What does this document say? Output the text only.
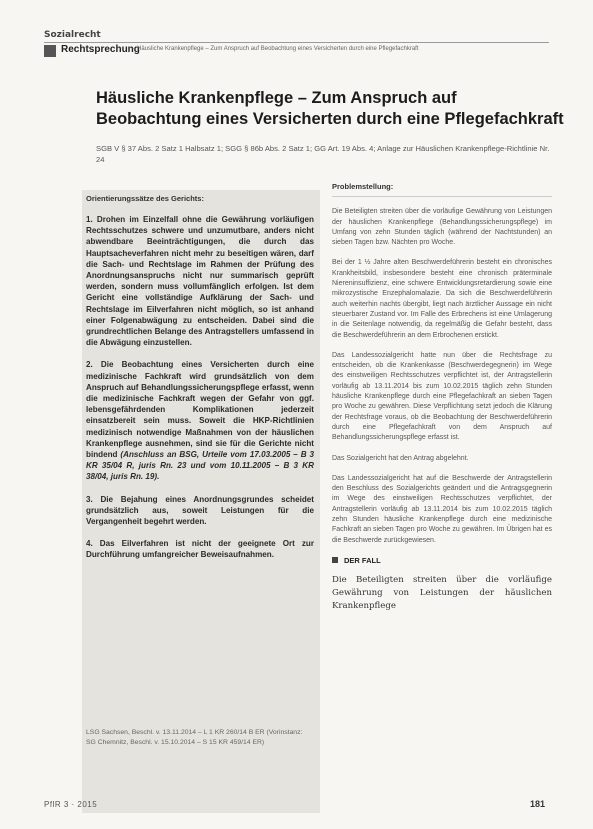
Sozialrecht
Rechtsprechung
– Häusliche Krankenpflege – Zum Anspruch auf Beobachtung eines Versicherten durch eine Pflegefachkraft
Häusliche Krankenpflege – Zum Anspruch auf Beobachtung eines Versicherten durch eine Pflegefachkraft
SGB V § 37 Abs. 2 Satz 1 Halbsatz 1; SGG § 86b Abs. 2 Satz 1; GG Art. 19 Abs. 4; Anlage zur Häuslichen Krankenpflege-Richtlinie Nr. 24
Orientierungssätze des Gerichts:

1. Drohen im Einzelfall ohne die Gewährung vorläufigen Rechtsschutzes schwere und unzumutbare, anders nicht abwendbare Beeinträchtigungen, die durch das Hauptsacheverfahren nicht mehr zu beseitigen wären, darf die Sach- und Rechtslage im Rahmen der Prüfung des Anordnungsanspruchs nicht nur summarisch geprüft werden, sondern muss vollumfänglich erfolgen. Ist dem Gericht eine vollständige Aufklärung der Sach- und Rechtslage im Eilverfahren nicht möglich, so ist anhand einer Folgenabwägung zu entscheiden. Dabei sind die grundrechtlichen Belange des Antragstellers umfassend in die Abwägung einzustellen.

2. Die Beobachtung eines Versicherten durch eine medizinische Fachkraft wird grundsätzlich von dem Anspruch auf Behandlungssicherungspflege erfasst, wenn die medizinische Fachkraft wegen der Gefahr von ggf. lebensgefährdenden Komplikationen jederzeit einsatzbereit sein muss. Soweit die HKP-Richtlinien medizinisch notwendige Maßnahmen von der häuslichen Krankenpflege ausnehmen, sind sie für die Gerichte nicht bindend (Anschluss an BSG, Urteile vom 17.03.2005 – B 3 KR 35/04 R, juris Rn. 23 und vom 10.11.2005 – B 3 KR 38/04, juris Rn. 19).

3. Die Bejahung eines Anordnungsgrundes scheidet grundsätzlich aus, soweit Leistungen für die Vergangenheit begehrt werden.

4. Das Eilverfahren ist nicht der geeignete Ort zur Durchführung umfangreicher Beweisaufnahmen.

LSG Sachsen, Beschl. v. 13.11.2014 – L 1 KR 260/14 B ER (Vorinstanz: SG Chemnitz, Beschl. v. 15.10.2014 – S 15 KR 459/14 ER)
Problemstellung:

Die Beteiligten streiten über die vorläufige Gewährung von Leistungen der häuslichen Krankenpflege (Behandlungssicherungspflege) im Umfang von zehn Stunden täglich (während der Nachtstunden) an sieben Tagen bzw. Nächten pro Woche.

Bei der 1 ½ Jahre alten Beschwerdeführerin besteht ein chronisches Krankheitsbild, insbesondere besteht eine chronisch präterminale Niereninsuffizienz, eine schwere Entwicklungsretardierung sowie eine mikrozystische Enzephalomalazie. Da sich die Beschwerdeführerin auch weiterhin nachts übergibt, liegt nach ärztlicher Aussage ein nicht steuerbarer Zustand vor. Im Falle des Erbrechens ist eine Umlagerung in die Seitenlage notwendig, da regelmäßig die Gefahr besteht, dass die Beschwerdeführerin an dem Erbrochenen erstickt.

Das Landessozialgericht hatte nun über die Rechtsfrage zu entscheiden, ob die Krankenkasse (Beschwerdegegnerin) im Wege des einstweiligen Rechtsschutzes verpflichtet ist, der Antragstellerin vorläufig ab 13.11.2014 bis zum 10.02.2015 täglich zehn Stunden häusliche Krankenpflege durch eine Pflegefachkraft an sieben Tagen pro Woche zu gewähren. Diese Verpflichtung setzt jedoch die Klärung der Rechtsfrage voraus, ob die Beobachtung der Beschwerdeführerin durch eine Pflegefachkraft von dem Anspruch auf Behandlungssicherungspflege erfasst ist.

Das Sozialgericht hat den Antrag abgelehnt.

Das Landessozialgericht hat auf die Beschwerde der Antragstellerin den Beschluss des Sozialgerichts geändert und die Antragsgegnerin im Wege des einstweiligen Rechtsschutzes verpflichtet, der Antragstellerin vorläufig ab 13.11.2014 bis zum 10.02.2015 täglich zehn Stunden häusliche Krankenpflege durch eine medizinische Fachkraft an sieben Tagen pro Woche zu gewähren. Im Übrigen hat es die Beschwerde zurückgewiesen.

DER FALL
Die Beteiligten streiten über die vorläufige Gewährung von Leistungen der häuslichen Krankenpflege
PflR 3 · 2015	181
